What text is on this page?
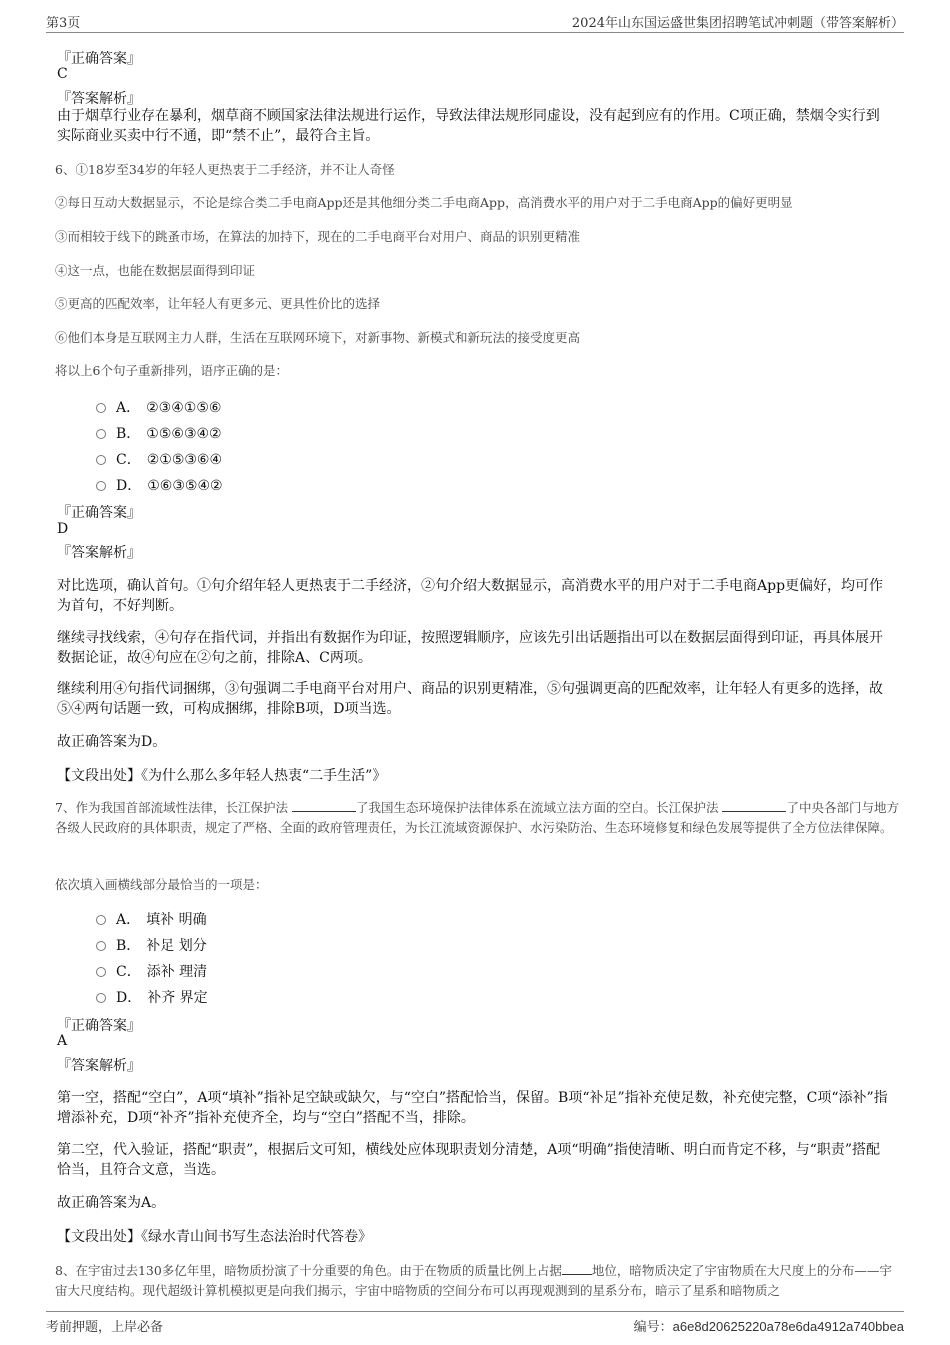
第3页	2024年山东国运盛世集团招聘笔试冲刺题（带答案解析）
『正确答案』
C
『答案解析』
由于烟草行业存在暴利，烟草商不顾国家法律法规进行运作，导致法律法规形同虚设，没有起到应有的作用。C项正确，禁烟令实行到实际商业买卖中行不通，即“禁不止”，最符合主旨。
6、①18岁至34岁的年轻人更热衷于二手经济，并不让人奇怪
②每日互动大数据显示，不论是综合类二手电商App还是其他细分类二手电商App，高消费水平的用户对于二手电商App的偏好更明显
③而相较于线下的跳蚤市场，在算法的加持下，现在的二手电商平台对用户、商品的识别更精准
④这一点，也能在数据层面得到印证
⑤更高的匹配效率，让年轻人有更多元、更具性价比的选择
⑥他们本身是互联网主力人群，生活在互联网环境下，对新事物、新模式和新玩法的接受度更高
将以上6个句子重新排列，语序正确的是：
A． ②③④①⑤⑥
B． ①⑤⑥③④②
C． ②①⑤③⑥④
D． ①⑥③⑤④②
『正确答案』
D
『答案解析』
对比选项，确认首句。①句介绍年轻人更热衷于二手经济，②句介绍大数据显示，高消费水平的用户对于二手电商App更偏好，均可作为首句，不好判断。
继续寻找线索，④句存在指代词，并指出有数据作为印证，按照逻辑顺序，应该先引出话题指出可以在数据层面得到印证，再具体展开数据论证，故④句应在②句之前，排除A、C两项。
继续利用④句指代词捆绑，③句强调二手电商平台对用户、商品的识别更精准，⑤句强调更高的匹配效率，让年轻人有更多的选择，故⑤④两句话题一致，可构成捆绑，排除B项，D项当选。
故正确答案为D。
【文段出处】《为什么那么多年轻人热衷“二手生活”》
7、作为我国首部流域性法律，长江保护法	了我国生态环境保护法律体系在流域立法方面的空白。长江保护法	了中央各部门与地方各级人民政府的具体职责，规定了严格、全面的政府管理责任，为长江流域资源保护、水污染防治、生态环境修复和绿色发展等提供了全方位法律保障。
依次填入画横线部分最恰当的一项是：
A． 填补 明确
B． 补足 划分
C． 添补 理清
D． 补齐 界定
『正确答案』
A
『答案解析』
第一空，搭配“空白”，A项“填补”指补足空缺或缺欠，与“空白”搭配恰当，保留。B项“补足”指补充使足数，补充使完整，C项“添补”指增添补充，D项“补齐”指补充使齐全，均与“空白”搭配不当，排除。
第二空，代入验证，搭配“职责”，根据后文可知，横线处应体现职责划分清楚，A项“明确”指使清晰、明白而肯定不移，与“职责”搭配恰当，且符合文意，当选。
故正确答案为A。
【文段出处】《绿水青山间书写生态法治时代答卷》
8、在宇宙过去130多亿年里，暗物质扮演了十分重要的角色。由于在物质的质量比例上占据 地位，暗物质决定了宇宙物质在大尺度上的分布——宇宙大尺度结构。现代超级计算机模拟更是向我们揭示，宇宙中暗物质的空间分布可以再现观测到的星系分布，暗示了星系和暗物质之
考前押题，上岸必备	编号：a6e8d20625220a78e6da4912a740bbea
